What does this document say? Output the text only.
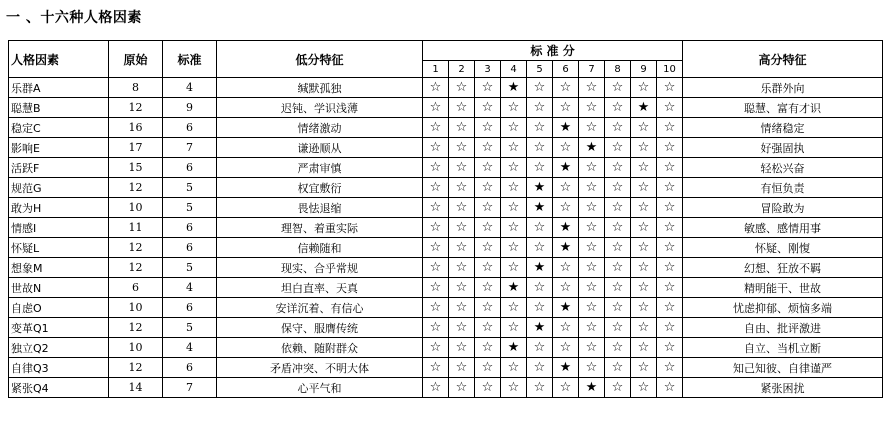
一 、十六种人格因素
人格因素	原始	标准	低分特征	标 准 分										高分特征
				1	2	3	4	5	6	7	8	9	10	
乐群A	8	4	缄默孤独	☆	☆	☆	★	☆	☆	☆	☆	☆	☆	乐群外向
聪慧B	12	9	迟钝、学识浅薄	☆	☆	☆	☆	☆	☆	☆	☆	★	☆	聪慧、富有才识
稳定C	16	6	情绪激动	☆	☆	☆	☆	☆	★	☆	☆	☆	☆	情绪稳定
影响E	17	7	谦逊顺从	☆	☆	☆	☆	☆	☆	★	☆	☆	☆	好强固执
活跃F	15	6	严肃审慎	☆	☆	☆	☆	☆	★	☆	☆	☆	☆	轻松兴奋
规范G	12	5	权宜敷衍	☆	☆	☆	☆	★	☆	☆	☆	☆	☆	有恒负责
敢为H	10	5	畏怯退缩	☆	☆	☆	☆	★	☆	☆	☆	☆	☆	冒险敢为
情感I	11	6	理智、着重实际	☆	☆	☆	☆	☆	★	☆	☆	☆	☆	敏感、感情用事
怀疑L	12	6	信赖随和	☆	☆	☆	☆	☆	★	☆	☆	☆	☆	怀疑、刚愎
想象M	12	5	现实、合乎常规	☆	☆	☆	☆	★	☆	☆	☆	☆	☆	幻想、狂放不羁
世故N	6	4	坦白直率、天真	☆	☆	☆	★	☆	☆	☆	☆	☆	☆	精明能干、世故
自虑O	10	6	安详沉着、有信心	☆	☆	☆	☆	☆	★	☆	☆	☆	☆	忧虑抑郁、烦恼多端
变革Q1	12	5	保守、服膺传统	☆	☆	☆	☆	★	☆	☆	☆	☆	☆	自由、批评激进
独立Q2	10	4	依赖、随附群众	☆	☆	☆	★	☆	☆	☆	☆	☆	☆	自立、当机立断
自律Q3	12	6	矛盾冲突、不明大体	☆	☆	☆	☆	☆	★	☆	☆	☆	☆	知己知彼、自律谨严
紧张Q4	14	7	心平气和	☆	☆	☆	☆	☆	☆	★	☆	☆	☆	紧张困扰
